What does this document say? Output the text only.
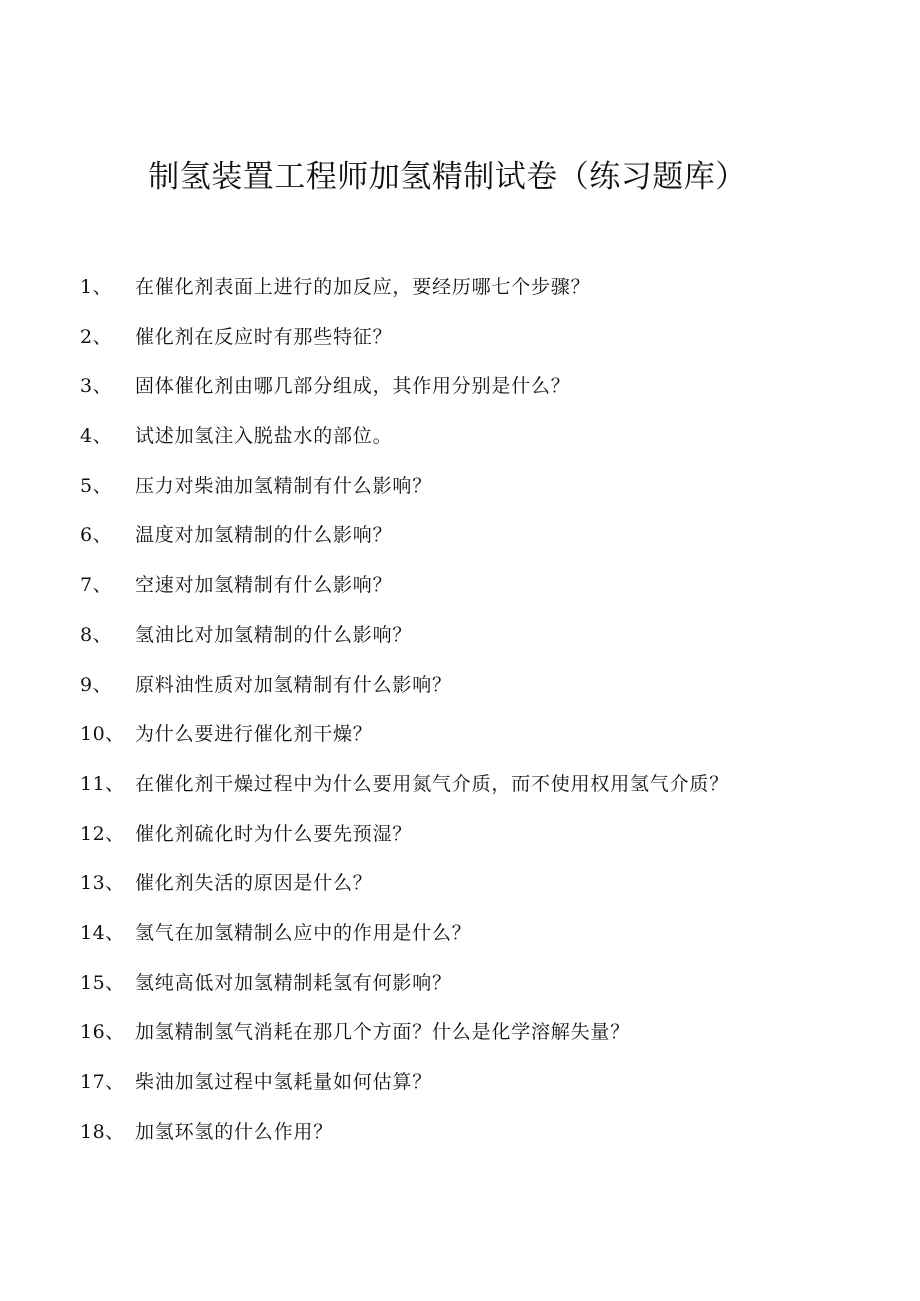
制氢装置工程师加氢精制试卷（练习题库）
1、 在催化剂表面上进行的加反应，要经历哪七个步骤？
2、 催化剂在反应时有那些特征？
3、 固体催化剂由哪几部分组成，其作用分别是什么？
4、 试述加氢注入脱盐水的部位。
5、 压力对柴油加氢精制有什么影响？
6、 温度对加氢精制的什么影响？
7、 空速对加氢精制有什么影响？
8、 氢油比对加氢精制的什么影响？
9、 原料油性质对加氢精制有什么影响？
10、 为什么要进行催化剂干燥？
11、 在催化剂干燥过程中为什么要用氮气介质，而不使用权用氢气介质？
12、 催化剂硫化时为什么要先预湿？
13、 催化剂失活的原因是什么？
14、 氢气在加氢精制么应中的作用是什么？
15、 氢纯高低对加氢精制耗氢有何影响？
16、 加氢精制氢气消耗在那几个方面？什么是化学溶解失量？
17、 柴油加氢过程中氢耗量如何估算？
18、 加氢环氢的什么作用？
